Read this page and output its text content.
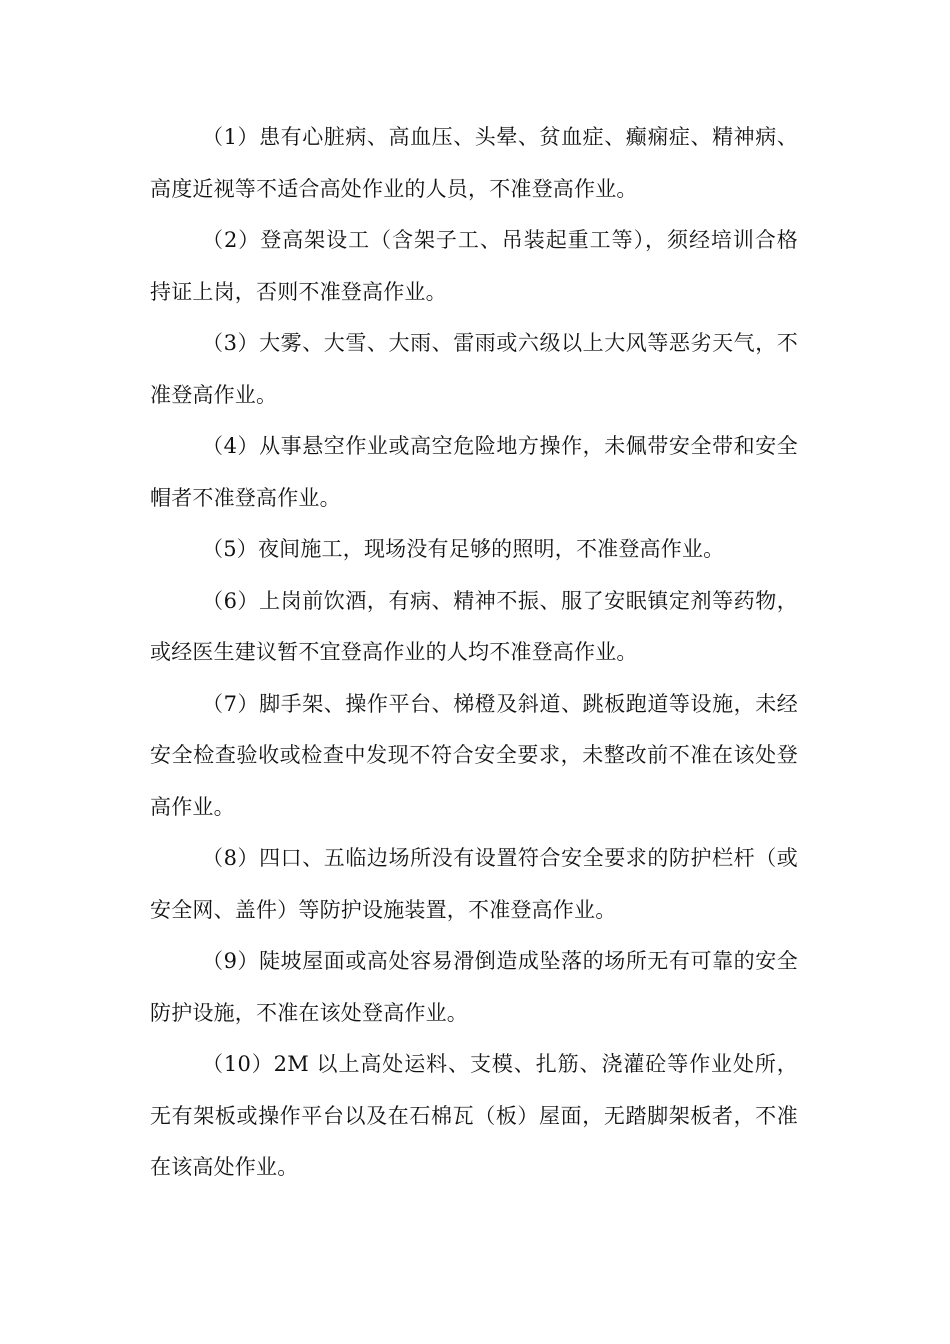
（1）患有心脏病、高血压、头晕、贫血症、癫痫症、精神病、高度近视等不适合高处作业的人员，不准登高作业。

（2）登高架设工（含架子工、吊装起重工等），须经培训合格持证上岗，否则不准登高作业。

（3）大雾、大雪、大雨、雷雨或六级以上大风等恶劣天气，不准登高作业。

（4）从事悬空作业或高空危险地方操作，未佩带安全带和安全帽者不准登高作业。

（5）夜间施工，现场没有足够的照明，不准登高作业。

（6）上岗前饮酒，有病、精神不振、服了安眠镇定剂等药物，或经医生建议暂不宜登高作业的人均不准登高作业。

（7）脚手架、操作平台、梯橙及斜道、跳板跑道等设施，未经安全检查验收或检查中发现不符合安全要求，未整改前不准在该处登高作业。

（8）四口、五临边场所没有设置符合安全要求的防护栏杆（或安全网、盖件）等防护设施装置，不准登高作业。

（9）陡坡屋面或高处容易滑倒造成坠落的场所无有可靠的安全防护设施，不准在该处登高作业。

（10）2M 以上高处运料、支模、扎筋、浇灌砼等作业处所，无有架板或操作平台以及在石棉瓦（板）屋面，无踏脚架板者，不准在该高处作业。
